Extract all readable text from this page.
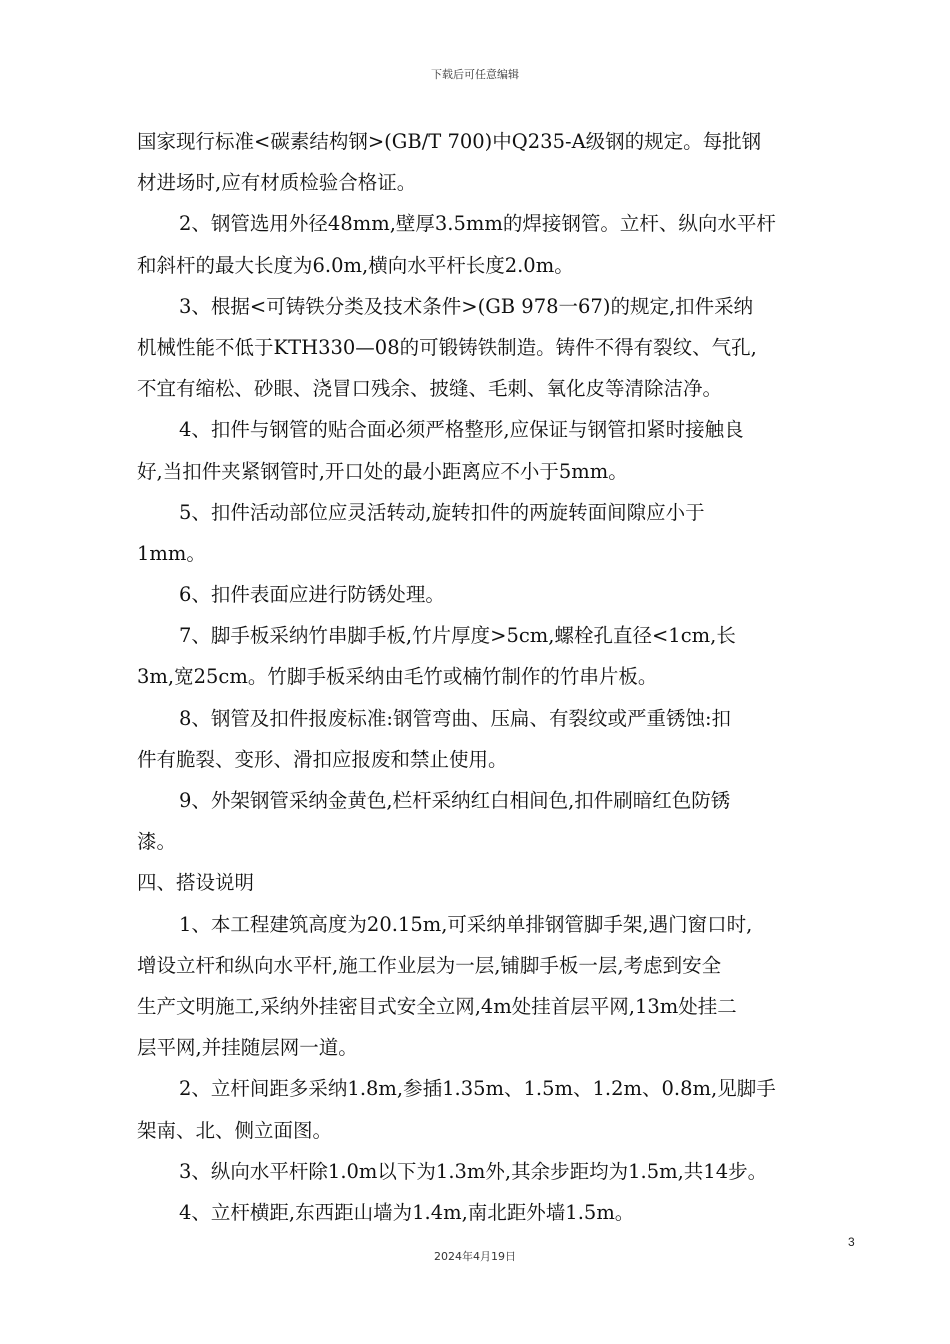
下载后可任意编辑
国家现行标准<碳素结构钢>(GB/T 700)中Q235-A级钢的规定。每批钢
材进场时,应有材质检验合格证。
2、钢管选用外径48mm,壁厚3.5mm的焊接钢管。立杆、纵向水平杆
和斜杆的最大长度为6.0m,横向水平杆长度2.0m。
3、根据<可铸铁分类及技术条件>(GB 978一67)的规定,扣件采纳
机械性能不低于KTH330—08的可锻铸铁制造。铸件不得有裂纹、气孔,
不宜有缩松、砂眼、浇冒口残余、披缝、毛刺、氧化皮等清除洁净。
4、扣件与钢管的贴合面必须严格整形,应保证与钢管扣紧时接触良
好,当扣件夹紧钢管时,开口处的最小距离应不小于5mm。
5、扣件活动部位应灵活转动,旋转扣件的两旋转面间隙应小于
1mm。
6、扣件表面应进行防锈处理。
7、脚手板采纳竹串脚手板,竹片厚度>5cm,螺栓孔直径<1cm,长
3m,宽25cm。竹脚手板采纳由毛竹或楠竹制作的竹串片板。
8、钢管及扣件报废标准:钢管弯曲、压扁、有裂纹或严重锈蚀:扣
件有脆裂、变形、滑扣应报废和禁止使用。
9、外架钢管采纳金黄色,栏杆采纳红白相间色,扣件刷暗红色防锈
漆。
四、搭设说明
1、本工程建筑高度为20.15m,可采纳单排钢管脚手架,遇门窗口时,
增设立杆和纵向水平杆,施工作业层为一层,铺脚手板一层,考虑到安全
生产文明施工,采纳外挂密目式安全立网,4m处挂首层平网,13m处挂二
层平网,并挂随层网一道。
2、立杆间距多采纳1.8m,参插1.35m、1.5m、1.2m、0.8m,见脚手
架南、北、侧立面图。
3、纵向水平杆除1.0m以下为1.3m外,其余步距均为1.5m,共14步。
4、立杆横距,东西距山墙为1.4m,南北距外墙1.5m。
3
2024年4月19日
